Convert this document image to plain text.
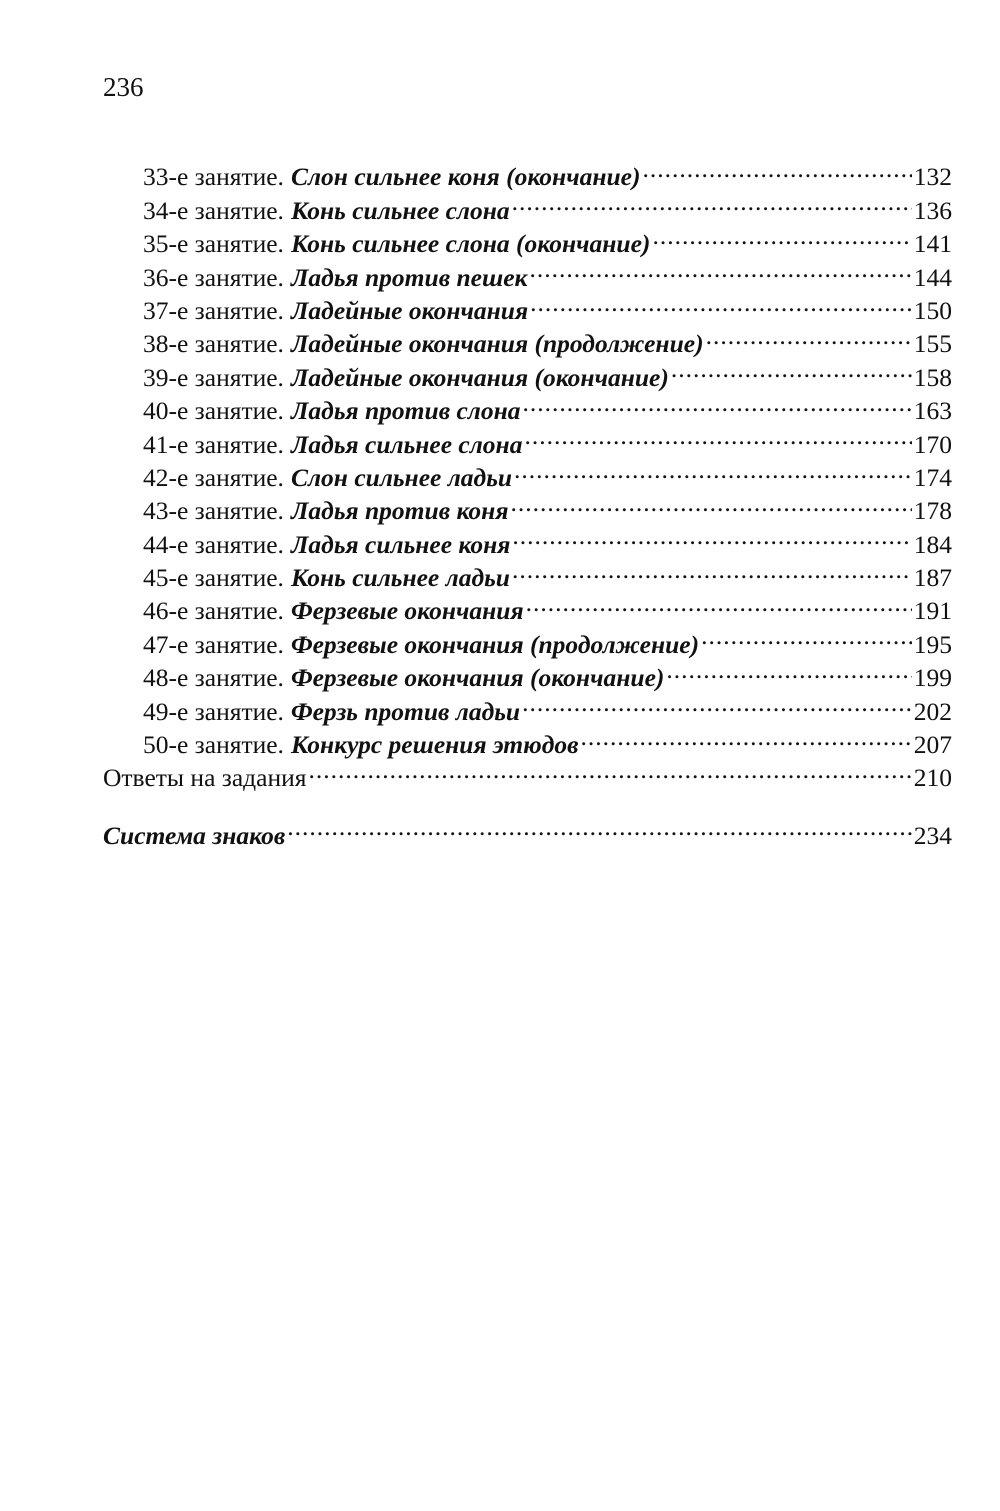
236
33-е занятие. Слон сильнее коня (окончание) .....	132
34-е занятие. Конь сильнее слона .....	136
35-е занятие. Конь сильнее слона (окончание) .....	141
36-е занятие. Ладья против пешек .....	144
37-е занятие. Ладейные окончания .....	150
38-е занятие. Ладейные окончания (продолжение) .....	155
39-е занятие. Ладейные окончания (окончание) .....	158
40-е занятие. Ладья против слона .....	163
41-е занятие. Ладья сильнее слона .....	170
42-е занятие. Слон сильнее ладьи .....	174
43-е занятие. Ладья против коня .....	178
44-е занятие. Ладья сильнее коня .....	184
45-е занятие. Конь сильнее ладьи .....	187
46-е занятие. Ферзевые окончания .....	191
47-е занятие. Ферзевые окончания (продолжение) .....	195
48-е занятие. Ферзевые окончания (окончание) .....	199
49-е занятие. Ферзь против ладьи .....	202
50-е занятие. Конкурс решения этюдов .....	207
Ответы на задания .....	210
Система знаков .....	234
